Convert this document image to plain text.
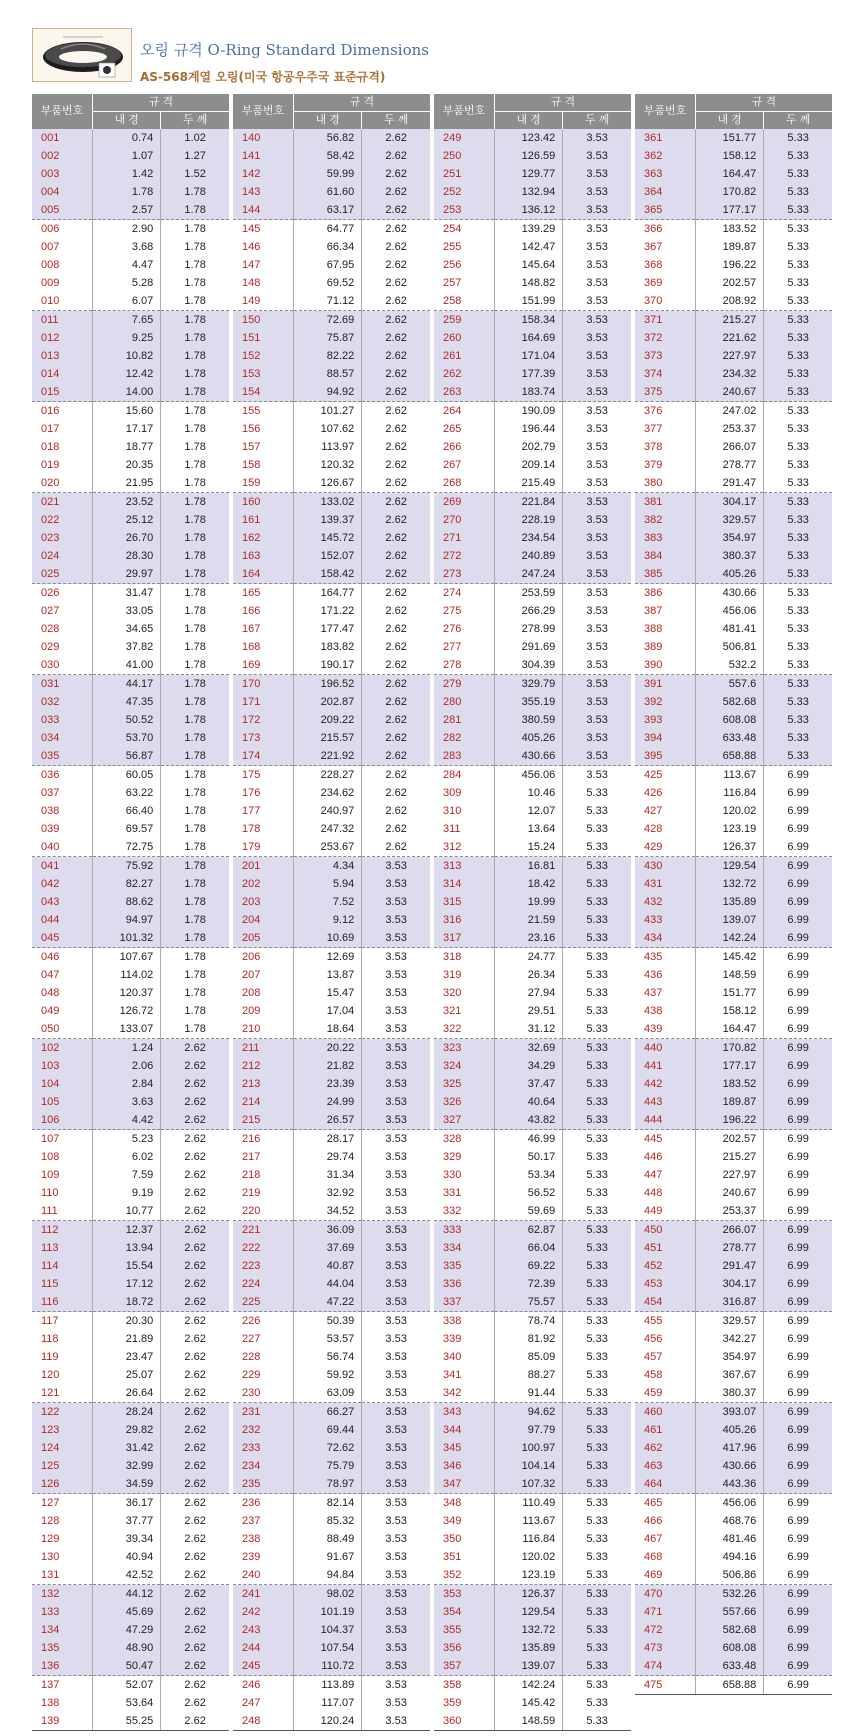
오링 규격 O-Ring Standard Dimensions
AS-568계열 오링(미국 항공우주국 표준규격)
부품번호	규 격	
	내 경	두 께
001	0.74	1.02
002	1.07	1.27
003	1.42	1.52
004	1.78	1.78
005	2.57	1.78
006	2.90	1.78
007	3.68	1.78
008	4.47	1.78
009	5.28	1.78
010	6.07	1.78
011	7.65	1.78
012	9.25	1.78
013	10.82	1.78
014	12.42	1.78
015	14.00	1.78
016	15.60	1.78
017	17.17	1.78
018	18.77	1.78
019	20.35	1.78
020	21.95	1.78
021	23.52	1.78
022	25.12	1.78
023	26.70	1.78
024	28.30	1.78
025	29.97	1.78
026	31.47	1.78
027	33.05	1.78
028	34.65	1.78
029	37.82	1.78
030	41.00	1.78
031	44.17	1.78
032	47.35	1.78
033	50.52	1.78
034	53.70	1.78
035	56.87	1.78
036	60.05	1.78
037	63.22	1.78
038	66.40	1.78
039	69.57	1.78
040	72.75	1.78
041	75.92	1.78
042	82.27	1.78
043	88.62	1.78
044	94.97	1.78
045	101.32	1.78
046	107.67	1.78
047	114.02	1.78
048	120.37	1.78
049	126.72	1.78
050	133.07	1.78
102	1.24	2.62
103	2.06	2.62
104	2.84	2.62
105	3.63	2.62
106	4.42	2.62
107	5.23	2.62
108	6.02	2.62
109	7.59	2.62
110	9.19	2.62
111	10.77	2.62
112	12.37	2.62
113	13.94	2.62
114	15.54	2.62
115	17.12	2.62
116	18.72	2.62
117	20.30	2.62
118	21.89	2.62
119	23.47	2.62
120	25.07	2.62
121	26.64	2.62
122	28.24	2.62
123	29.82	2.62
124	31.42	2.62
125	32.99	2.62
126	34.59	2.62
127	36.17	2.62
128	37.77	2.62
129	39.34	2.62
130	40.94	2.62
131	42.52	2.62
132	44.12	2.62
133	45.69	2.62
134	47.29	2.62
135	48.90	2.62
136	50.47	2.62
137	52.07	2.62
138	53.64	2.62
139	55.25	2.62
부품번호	규 격	
	내 경	두 께
140	56.82	2.62
141	58.42	2.62
142	59.99	2.62
143	61.60	2.62
144	63.17	2.62
145	64.77	2.62
146	66.34	2.62
147	67.95	2.62
148	69.52	2.62
149	71.12	2.62
150	72.69	2.62
151	75.87	2.62
152	82.22	2.62
153	88.57	2.62
154	94.92	2.62
155	101.27	2.62
156	107.62	2.62
157	113.97	2.62
158	120.32	2.62
159	126.67	2.62
160	133.02	2.62
161	139.37	2.62
162	145.72	2.62
163	152.07	2.62
164	158.42	2.62
165	164.77	2.62
166	171.22	2.62
167	177.47	2.62
168	183.82	2.62
169	190.17	2.62
170	196.52	2.62
171	202.87	2.62
172	209.22	2.62
173	215.57	2.62
174	221.92	2.62
175	228.27	2.62
176	234.62	2.62
177	240.97	2.62
178	247.32	2.62
179	253.67	2.62
201	4.34	3.53
202	5.94	3.53
203	7.52	3.53
204	9.12	3.53
205	10.69	3.53
206	12.69	3.53
207	13.87	3.53
208	15.47	3.53
209	17.04	3.53
210	18.64	3.53
211	20.22	3.53
212	21.82	3.53
213	23.39	3.53
214	24.99	3.53
215	26.57	3.53
216	28.17	3.53
217	29.74	3.53
218	31.34	3.53
219	32.92	3.53
220	34.52	3.53
221	36.09	3.53
222	37.69	3.53
223	40.87	3.53
224	44.04	3.53
225	47.22	3.53
226	50.39	3.53
227	53.57	3.53
228	56.74	3.53
229	59.92	3.53
230	63.09	3.53
231	66.27	3.53
232	69.44	3.53
233	72.62	3.53
234	75.79	3.53
235	78.97	3.53
236	82.14	3.53
237	85.32	3.53
238	88.49	3.53
239	91.67	3.53
240	94.84	3.53
241	98.02	3.53
242	101.19	3.53
243	104.37	3.53
244	107.54	3.53
245	110.72	3.53
246	113.89	3.53
247	117.07	3.53
248	120.24	3.53
부품번호	규 격	
	내 경	두 께
249	123.42	3.53
250	126.59	3.53
251	129.77	3.53
252	132.94	3.53
253	136.12	3.53
254	139.29	3.53
255	142.47	3.53
256	145.64	3.53
257	148.82	3.53
258	151.99	3.53
259	158.34	3.53
260	164.69	3.53
261	171.04	3.53
262	177.39	3.53
263	183.74	3.53
264	190.09	3.53
265	196.44	3.53
266	202.79	3.53
267	209.14	3.53
268	215.49	3.53
269	221.84	3.53
270	228.19	3.53
271	234.54	3.53
272	240.89	3.53
273	247.24	3.53
274	253.59	3.53
275	266.29	3.53
276	278.99	3.53
277	291.69	3.53
278	304.39	3.53
279	329.79	3.53
280	355.19	3.53
281	380.59	3.53
282	405.26	3.53
283	430.66	3.53
284	456.06	3.53
309	10.46	5.33
310	12.07	5.33
311	13.64	5.33
312	15.24	5.33
313	16.81	5.33
314	18.42	5.33
315	19.99	5.33
316	21.59	5.33
317	23.16	5.33
318	24.77	5.33
319	26.34	5.33
320	27.94	5.33
321	29.51	5.33
322	31.12	5.33
323	32.69	5.33
324	34.29	5.33
325	37.47	5.33
326	40.64	5.33
327	43.82	5.33
328	46.99	5.33
329	50.17	5.33
330	53.34	5.33
331	56.52	5.33
332	59.69	5.33
333	62.87	5.33
334	66.04	5.33
335	69.22	5.33
336	72.39	5.33
337	75.57	5.33
338	78.74	5.33
339	81.92	5.33
340	85.09	5.33
341	88.27	5.33
342	91.44	5.33
343	94.62	5.33
344	97.79	5.33
345	100.97	5.33
346	104.14	5.33
347	107.32	5.33
348	110.49	5.33
349	113.67	5.33
350	116.84	5.33
351	120.02	5.33
352	123.19	5.33
353	126.37	5.33
354	129.54	5.33
355	132.72	5.33
356	135.89	5.33
357	139.07	5.33
358	142.24	5.33
359	145.42	5.33
360	148.59	5.33
부품번호	규 격	
	내 경	두 께
361	151.77	5.33
362	158.12	5.33
363	164.47	5.33
364	170.82	5.33
365	177.17	5.33
366	183.52	5.33
367	189.87	5.33
368	196.22	5.33
369	202.57	5.33
370	208.92	5.33
371	215.27	5.33
372	221.62	5.33
373	227.97	5.33
374	234.32	5.33
375	240.67	5.33
376	247.02	5.33
377	253.37	5.33
378	266.07	5.33
379	278.77	5.33
380	291.47	5.33
381	304.17	5.33
382	329.57	5.33
383	354.97	5.33
384	380.37	5.33
385	405.26	5.33
386	430.66	5.33
387	456.06	5.33
388	481.41	5.33
389	506.81	5.33
390	532.2	5.33
391	557.6	5.33
392	582.68	5.33
393	608.08	5.33
394	633.48	5.33
395	658.88	5.33
425	113.67	6.99
426	116.84	6.99
427	120.02	6.99
428	123.19	6.99
429	126.37	6.99
430	129.54	6.99
431	132.72	6.99
432	135.89	6.99
433	139.07	6.99
434	142.24	6.99
435	145.42	6.99
436	148.59	6.99
437	151.77	6.99
438	158.12	6.99
439	164.47	6.99
440	170.82	6.99
441	177.17	6.99
442	183.52	6.99
443	189.87	6.99
444	196.22	6.99
445	202.57	6.99
446	215.27	6.99
447	227.97	6.99
448	240.67	6.99
449	253.37	6.99
450	266.07	6.99
451	278.77	6.99
452	291.47	6.99
453	304.17	6.99
454	316.87	6.99
455	329.57	6.99
456	342.27	6.99
457	354.97	6.99
458	367.67	6.99
459	380.37	6.99
460	393.07	6.99
461	405.26	6.99
462	417.96	6.99
463	430.66	6.99
464	443.36	6.99
465	456.06	6.99
466	468.76	6.99
467	481.46	6.99
468	494.16	6.99
469	506.86	6.99
470	532.26	6.99
471	557.66	6.99
472	582.68	6.99
473	608.08	6.99
474	633.48	6.99
475	658.88	6.99
